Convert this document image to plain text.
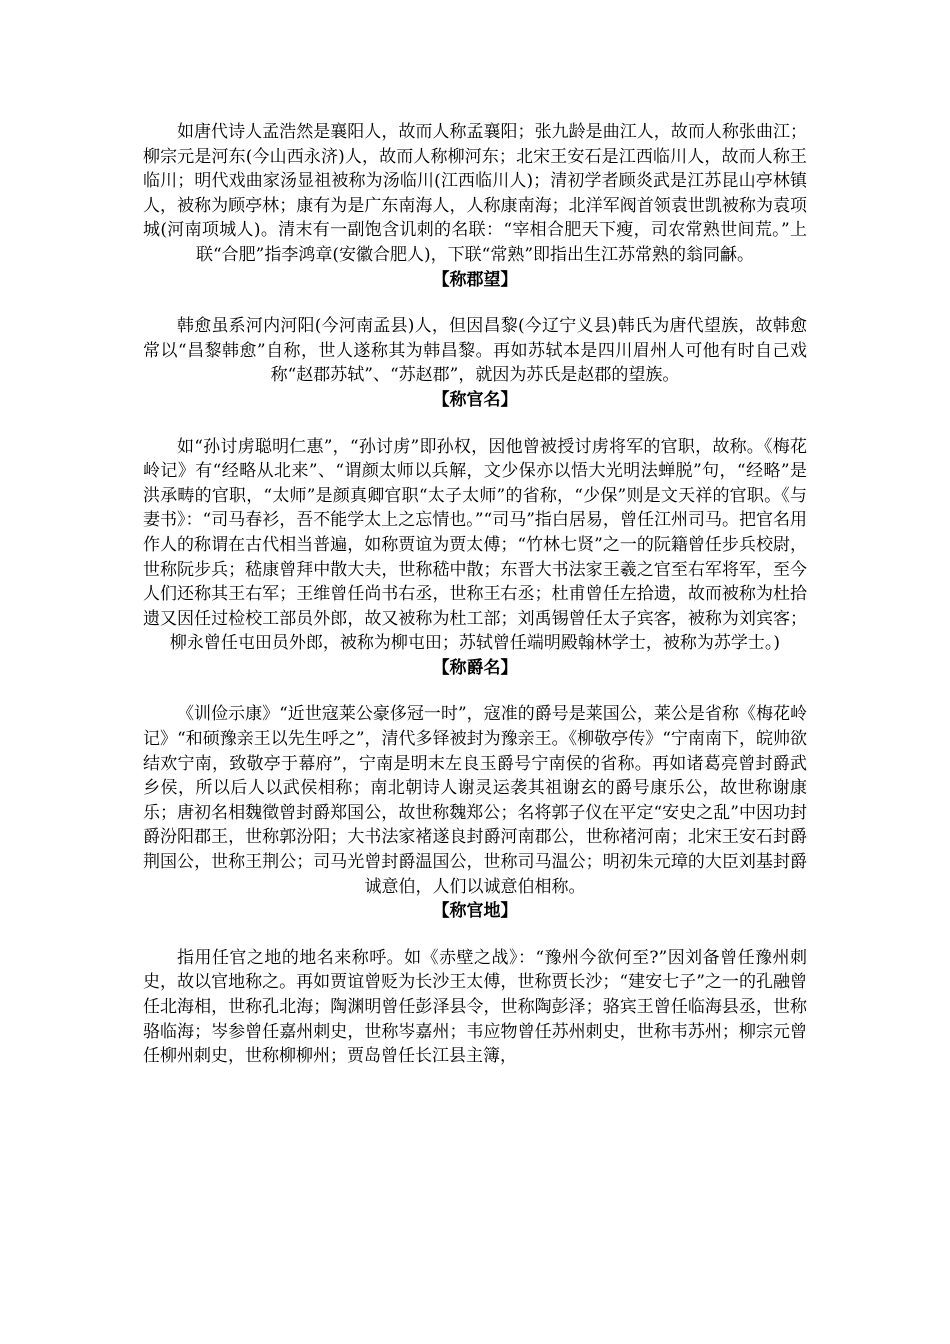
如唐代诗人孟浩然是襄阳人，故而人称孟襄阳；张九龄是曲江人，故而人称张曲江；柳宗元是河东(今山西永济)人，故而人称柳河东；北宋王安石是江西临川人，故而人称王临川；明代戏曲家汤显祖被称为汤临川(江西临川人)；清初学者顾炎武是江苏昆山亭林镇人，被称为顾亭林；康有为是广东南海人，人称康南海；北洋军阀首领袁世凯被称为袁项城(河南项城人)。清末有一副饱含讥刺的名联：“宰相合肥天下瘦，司农常熟世间荒。”上联“合肥”指李鸿章(安徽合肥人)，下联“常熟”即指出生江苏常熟的翁同龢。

【称郡望】

韩愈虽系河内河阳(今河南孟县)人，但因昌黎(今辽宁义县)韩氏为唐代望族，故韩愈常以“昌黎韩愈”自称，世人遂称其为韩昌黎。再如苏轼本是四川眉州人可他有时自己戏称“赵郡苏轼”、“苏赵郡”，就因为苏氏是赵郡的望族。

【称官名】

如“孙讨虏聪明仁惠”，“孙讨虏”即孙权，因他曾被授讨虏将军的官职，故称。《梅花岭记》有“经略从北来”、“谓颜太师以兵解，文少保亦以悟大光明法蝉脱”句，“经略”是洪承畴的官职，“太师”是颜真卿官职“太子太师”的省称，“少保”则是文天祥的官职。《与妻书》：“司马春衫，吾不能学太上之忘情也。”“司马”指白居易，曾任江州司马。把官名用作人的称谓在古代相当普遍，如称贾谊为贾太傅；“竹林七贤”之一的阮籍曾任步兵校尉，世称阮步兵；嵇康曾拜中散大夫，世称嵇中散；东晋大书法家王羲之官至右军将军，至今人们还称其王右军；王维曾任尚书右丞，世称王右丞；杜甫曾任左拾遗，故而被称为杜拾遗又因任过检校工部员外郎，故又被称为杜工部；刘禹锡曾任太子宾客，被称为刘宾客；柳永曾任屯田员外郎，被称为柳屯田；苏轼曾任端明殿翰林学士，被称为苏学士。)

【称爵名】

《训俭示康》“近世寇莱公豪侈冠一时”，寇准的爵号是莱国公，莱公是省称《梅花岭记》“和硕豫亲王以先生呼之”，清代多铎被封为豫亲王。《柳敬亭传》“宁南南下，皖帅欲结欢宁南，致敬亭于幕府”，宁南是明末左良玉爵号宁南侯的省称。再如诸葛亮曾封爵武乡侯，所以后人以武侯相称；南北朝诗人谢灵运袭其祖谢玄的爵号康乐公，故世称谢康乐；唐初名相魏徵曾封爵郑国公，故世称魏郑公；名将郭子仪在平定“安史之乱”中因功封爵汾阳郡王，世称郭汾阳；大书法家褚遂良封爵河南郡公，世称褚河南；北宋王安石封爵荆国公，世称王荆公；司马光曾封爵温国公，世称司马温公；明初朱元璋的大臣刘基封爵诚意伯，人们以诚意伯相称。

【称官地】

指用任官之地的地名来称呼。如《赤壁之战》：“豫州今欲何至?”因刘备曾任豫州刺史，故以官地称之。再如贾谊曾贬为长沙王太傅，世称贾长沙；“建安七子”之一的孔融曾任北海相，世称孔北海；陶渊明曾任彭泽县令，世称陶彭泽；骆宾王曾任临海县丞，世称骆临海；岑参曾任嘉州刺史，世称岑嘉州；韦应物曾任苏州刺史，世称韦苏州；柳宗元曾任柳州刺史，世称柳柳州；贾岛曾任长江县主簿，
